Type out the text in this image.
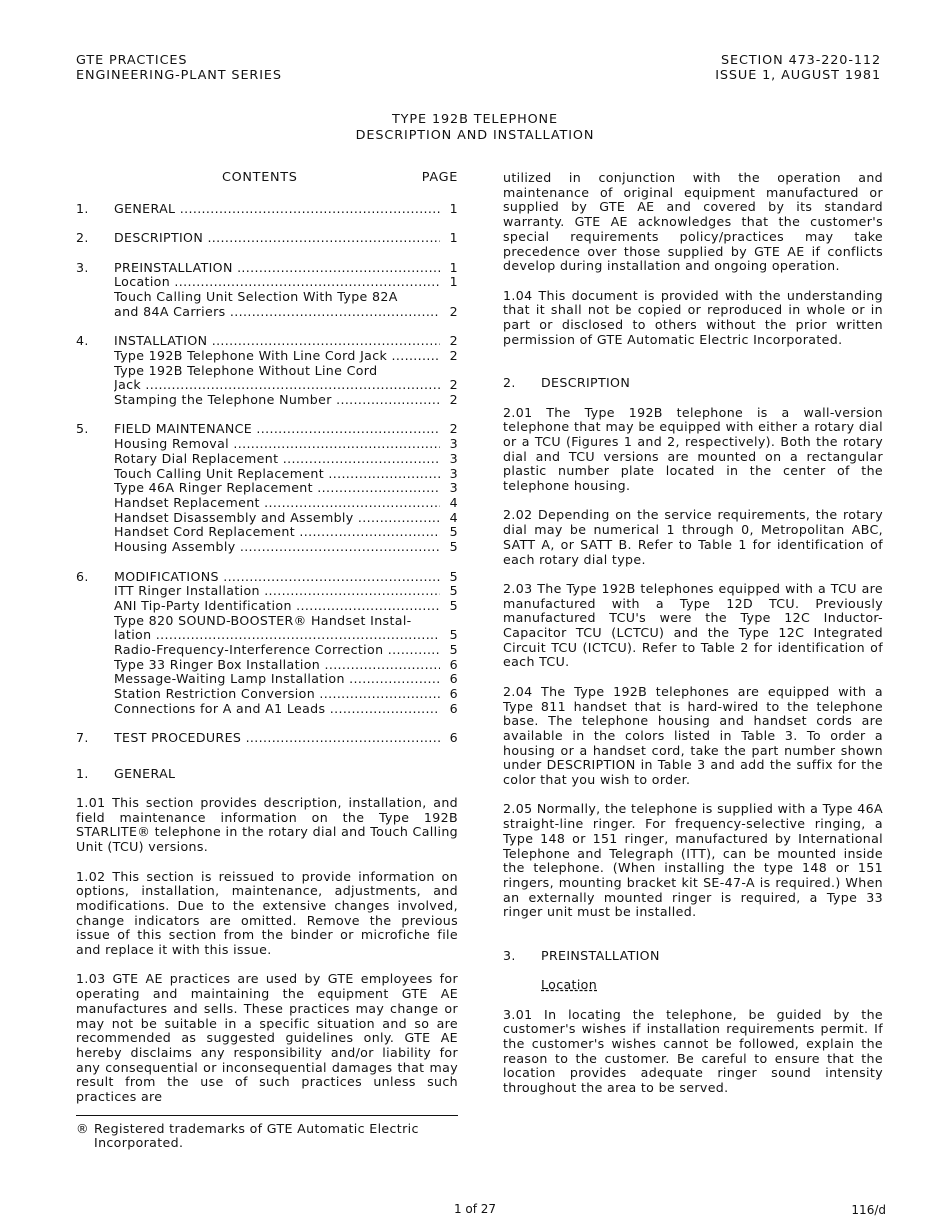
GTE PRACTICES
ENGINEERING-PLANT SERIES
SECTION 473-220-112
ISSUE 1, AUGUST 1981
TYPE 192B TELEPHONE
DESCRIPTION AND INSTALLATION
CONTENTS	PAGE
1.	GENERAL .....	1
2.	DESCRIPTION .....	1
3.	PREINSTALLATION .....	1
Location .....	1
Touch Calling Unit Selection With Type 82A
and 84A Carriers .....	2
4.	INSTALLATION .....	2
Type 192B Telephone With Line Cord Jack .....	2
Type 192B Telephone Without Line Cord
Jack .....	2
Stamping the Telephone Number .....	2
5.	FIELD MAINTENANCE .....	2
Housing Removal .....	3
Rotary Dial Replacement .....	3
Touch Calling Unit Replacement .....	3
Type 46A Ringer Replacement .....	3
Handset Replacement .....	4
Handset Disassembly and Assembly .....	4
Handset Cord Replacement .....	5
Housing Assembly .....	5
6.	MODIFICATIONS .....	5
ITT Ringer Installation .....	5
ANI Tip-Party Identification .....	5
Type 820 SOUND-BOOSTER® Handset Instal-
lation .....	5
Radio-Frequency-Interference Correction .....	5
Type 33 Ringer Box Installation .....	6
Message-Waiting Lamp Installation .....	6
Station Restriction Conversion .....	6
Connections for A and A1 Leads .....	6
7.	TEST PROCEDURES .....	6
1. GENERAL

1.01 This section provides description, installation, and field maintenance information on the Type 192B STARLITE® telephone in the rotary dial and Touch Calling Unit (TCU) versions.

1.02 This section is reissued to provide information on options, installation, maintenance, adjustments, and modifications. Due to the extensive changes involved, change indicators are omitted. Remove the previous issue of this section from the binder or microfiche file and replace it with this issue.

1.03 GTE AE practices are used by GTE employees for operating and maintaining the equipment GTE AE manufactures and sells. These practices may change or may not be suitable in a specific situation and so are recommended as suggested guidelines only. GTE AE hereby disclaims any responsibility and/or liability for any consequential or inconsequential damages that may result from the use of such practices unless such practices are

® Registered trademarks of GTE Automatic Electric Incorporated.

utilized in conjunction with the operation and maintenance of original equipment manufactured or supplied by GTE AE and covered by its standard warranty. GTE AE acknowledges that the customer's special requirements policy/practices may take precedence over those supplied by GTE AE if conflicts develop during installation and ongoing operation.

1.04 This document is provided with the understanding that it shall not be copied or reproduced in whole or in part or disclosed to others without the prior written permission of GTE Automatic Electric Incorporated.

2. DESCRIPTION

2.01 The Type 192B telephone is a wall-version telephone that may be equipped with either a rotary dial or a TCU (Figures 1 and 2, respectively). Both the rotary dial and TCU versions are mounted on a rectangular plastic number plate located in the center of the telephone housing.

2.02 Depending on the service requirements, the rotary dial may be numerical 1 through 0, Metropolitan ABC, SATT A, or SATT B. Refer to Table 1 for identification of each rotary dial type.

2.03 The Type 192B telephones equipped with a TCU are manufactured with a Type 12D TCU. Previously manufactured TCU's were the Type 12C Inductor-Capacitor TCU (LCTCU) and the Type 12C Integrated Circuit TCU (ICTCU). Refer to Table 2 for identification of each TCU.

2.04 The Type 192B telephones are equipped with a Type 811 handset that is hard-wired to the telephone base. The telephone housing and handset cords are available in the colors listed in Table 3. To order a housing or a handset cord, take the part number shown under DESCRIPTION in Table 3 and add the suffix for the color that you wish to order.

2.05 Normally, the telephone is supplied with a Type 46A straight-line ringer. For frequency-selective ringing, a Type 148 or 151 ringer, manufactured by International Telephone and Telegraph (ITT), can be mounted inside the telephone. (When installing the type 148 or 151 ringers, mounting bracket kit SE-47-A is required.) When an externally mounted ringer is required, a Type 33 ringer unit must be installed.

3. PREINSTALLATION
Location

3.01 In locating the telephone, be guided by the customer's wishes if installation requirements permit. If the customer's wishes cannot be followed, explain the reason to the customer. Be careful to ensure that the location provides adequate ringer sound intensity throughout the area to be served.

1 of 27	116/d
